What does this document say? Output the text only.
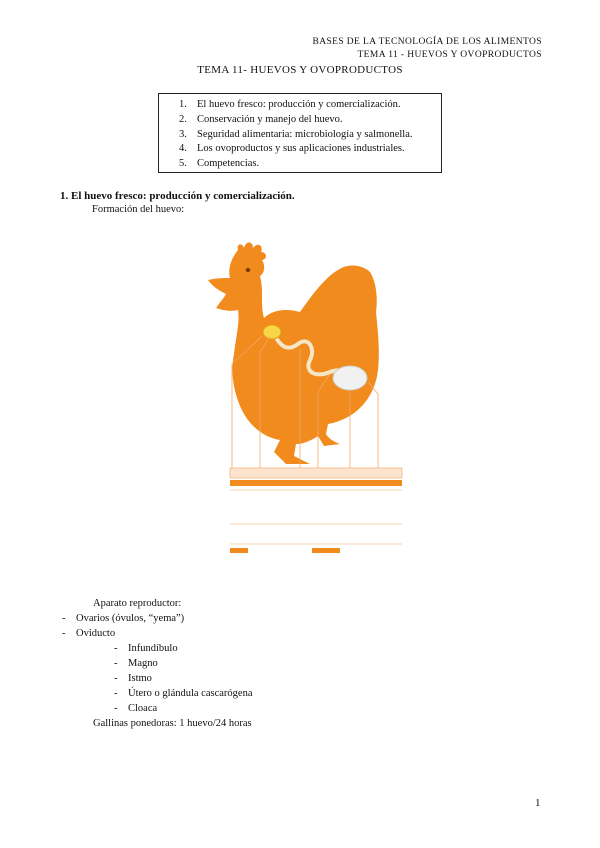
BASES DE LA TECNOLOGÍA DE LOS ALIMENTOS
TEMA 11 - HUEVOS Y OVOPRODUCTOS
TEMA 11- HUEVOS Y OVOPRODUCTOS
1. El huevo fresco: producción y comercialización.
2. Conservación y manejo del huevo.
3. Seguridad alimentaria: microbiología y salmonella.
4. Los ovoproductos y sus aplicaciones industriales.
5. Competencias.
1. El huevo fresco: producción y comercialización.
Formación del huevo:
Aparato reproductor:
- Ovarios (óvulos, “yema”)
- Oviducto
- Infundíbulo
- Magno
- Istmo
- Útero o glándula cascarógena
- Cloaca
Gallinas ponedoras: 1 huevo/24 horas
1
